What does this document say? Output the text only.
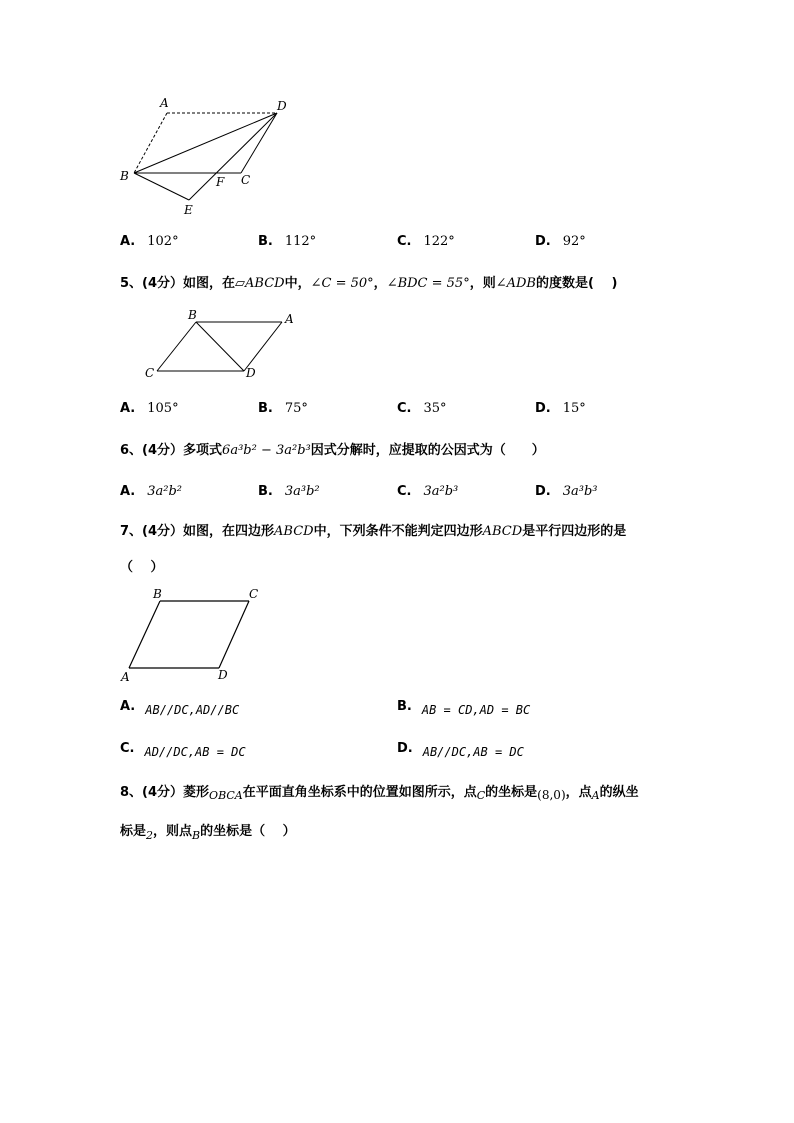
A	D
B	C
F
E
A. 102°	B. 112°	C. 122°	D. 92°
5、(4分）如图，在▱ABCD中，∠C = 50°，∠BDC = 55°，则∠ADB的度数是(　 )
B	A
C	D
A. 105°	B. 75°	C. 35°	D. 15°
6、(4分）多项式6a³b² − 3a²b³因式分解时，应提取的公因式为（　　）
A. 3a²b²	B. 3a³b²	C. 3a²b³	D. 3a³b³
7、(4分）如图，在四边形ABCD中，下列条件不能判定四边形ABCD是平行四边形的是
（　 ）
B	C
A	D
A. AB//DC,AD//BC	B. AB = CD,AD = BC
C. AD//DC,AB = DC	D. AB//DC,AB = DC
8、(4分）菱形$_{OBCA}$在平面直角坐标系中的位置如图所示，点$_C$的坐标是(8,0)，点$_A$的纵坐
标是$_2$，则点$_B$的坐标是（　 ）
